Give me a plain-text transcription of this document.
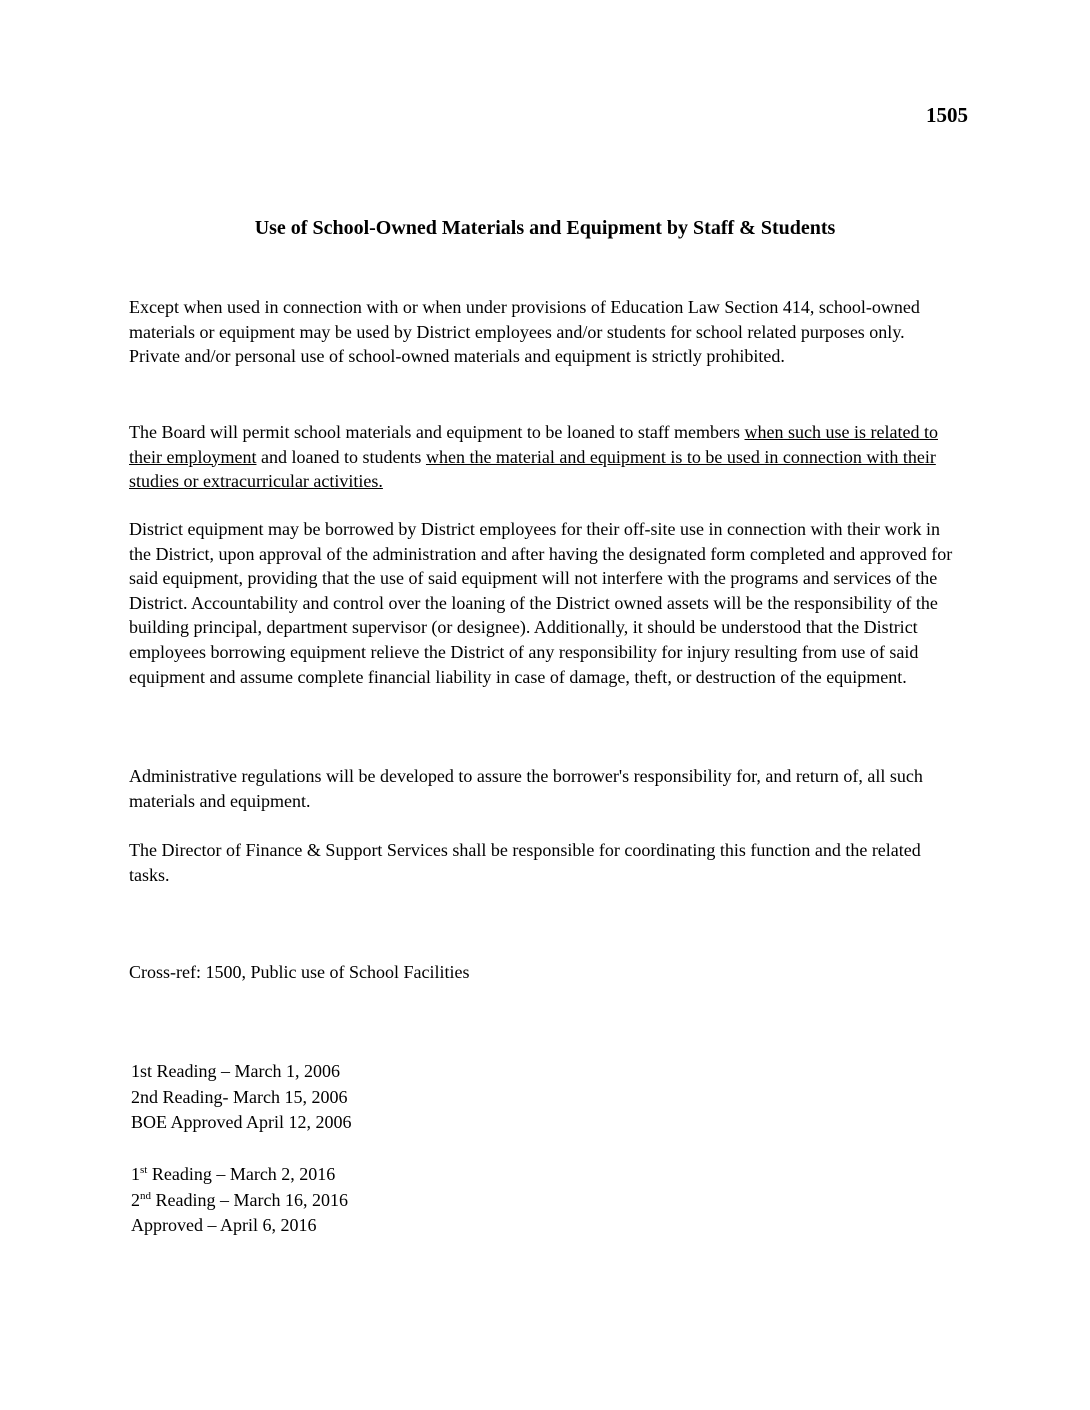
1505
Use of School-Owned Materials and Equipment by Staff & Students

Except when used in connection with or when under provisions of Education Law Section 414, school-owned materials or equipment may be used by District employees and/or students for school related purposes only. Private and/or personal use of school-owned materials and equipment is strictly prohibited.

The Board will permit school materials and equipment to be loaned to staff members when such use is related to their employment and loaned to students when the material and equipment is to be used in connection with their studies or extracurricular activities.

District equipment may be borrowed by District employees for their off-site use in connection with their work in the District, upon approval of the administration and after having the designated form completed and approved for said equipment, providing that the use of said equipment will not interfere with the programs and services of the District. Accountability and control over the loaning of the District owned assets will be the responsibility of the building principal, department supervisor (or designee). Additionally, it should be understood that the District employees borrowing equipment relieve the District of any responsibility for injury resulting from use of said equipment and assume complete financial liability in case of damage, theft, or destruction of the equipment.

Administrative regulations will be developed to assure the borrower's responsibility for, and return of, all such materials and equipment.

The Director of Finance & Support Services shall be responsible for coordinating this function and the related tasks.

Cross-ref: 1500, Public use of School Facilities
1st Reading – March 1, 2006
2nd Reading- March 15, 2006
BOE Approved April 12, 2006
1st Reading – March 2, 2016
2nd Reading – March 16, 2016
Approved – April 6, 2016
